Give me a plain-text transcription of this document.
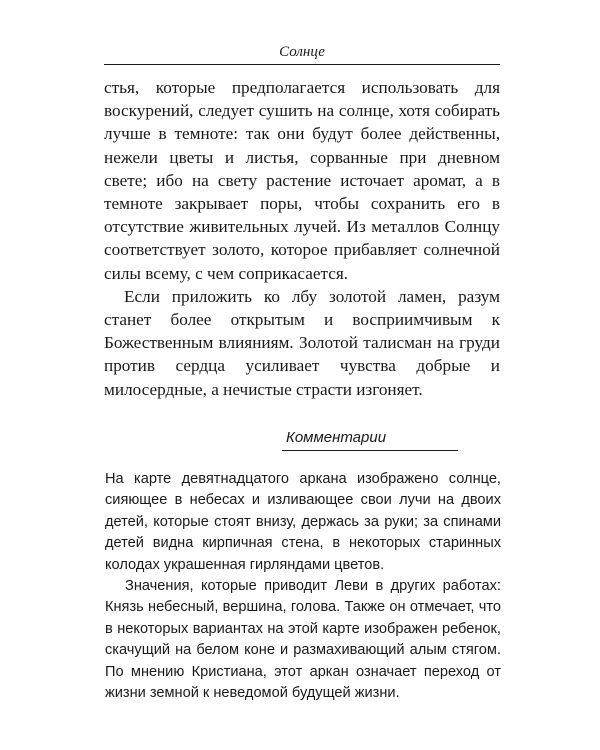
Солнце

стья, которые предполагается использовать для воскурений, следует сушить на солнце, хотя собирать лучше в темноте: так они будут более действенны, нежели цветы и листья, сорванные при дневном свете; ибо на свету растение источает аромат, а в темноте закрывает поры, чтобы сохранить его в отсутствие живительных лучей. Из металлов Солнцу соответствует золото, которое прибавляет солнечной силы всему, с чем соприкасается.

Если приложить ко лбу золотой ламен, разум станет более открытым и восприимчивым к Божественным влияниям. Золотой талисман на груди против сердца усиливает чувства добрые и милосердные, а нечистые страсти изгоняет.

Комментарии

На карте девятнадцатого аркана изображено солнце, сияющее в небесах и изливающее свои лучи на двоих детей, которые стоят внизу, держась за руки; за спинами детей видна кирпичная стена, в некоторых старинных колодах украшенная гирляндами цветов.

Значения, которые приводит Леви в других работах: Князь небесный, вершина, голова. Также он отмечает, что в некоторых вариантах на этой карте изображен ребенок, скачущий на белом коне и размахивающий алым стягом. По мнению Кристиана, этот аркан означает переход от жизни земной к неведомой будущей жизни.
